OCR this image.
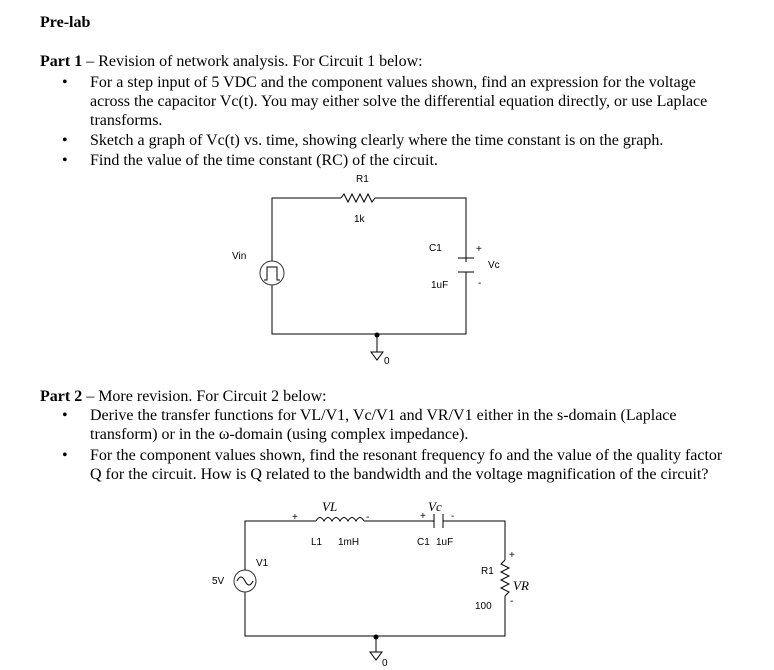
Pre-lab
Part 1 – Revision of network analysis. For Circuit 1 below:
• For a step input of 5 VDC and the component values shown, find an expression for the voltage across the capacitor Vc(t). You may either solve the differential equation directly, or use Laplace transforms.
• Sketch a graph of Vc(t) vs. time, showing clearly where the time constant is on the graph.
• Find the value of the time constant (RC) of the circuit.
Part 2 – More revision. For Circuit 2 below:
• Derive the transfer functions for VL/V1, Vc/V1 and VR/V1 either in the s-domain (Laplace transform) or in the ω-domain (using complex impedance).
• For the component values shown, find the resonant frequency fo and the value of the quality factor Q for the circuit. How is Q related to the bandwidth and the voltage magnification of the circuit?
R1
1k
C1
1uF
Vin
Vc
+
-
0
+	-
VL
+
Vc
-
L1 1mH	C1 1uF
V1
5V
R1
100
VR
+
-
0
